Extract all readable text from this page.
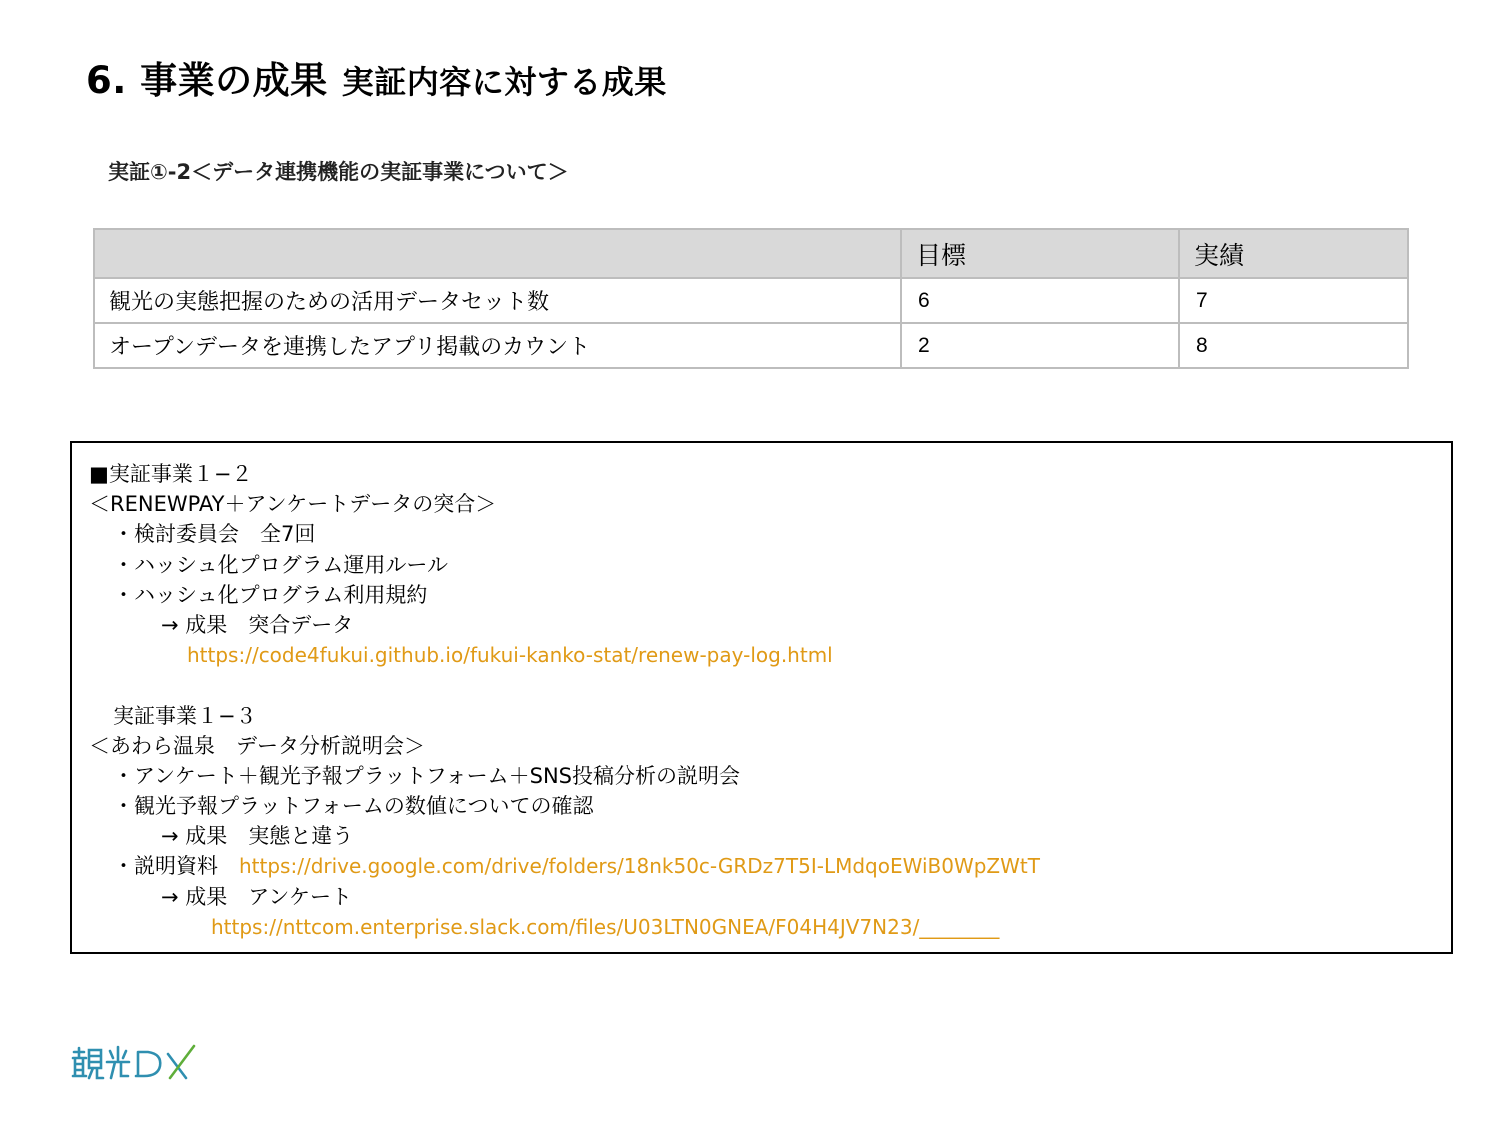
6. 事業の成果 実証内容に対する成果
実証①-2＜データ連携機能の実証事業について＞
	目標	実績
観光の実態把握のための活用データセット数	6	7
オープンデータを連携したアプリ掲載のカウント	2	8
■実証事業１−２
＜RENEWPAY＋アンケートデータの突合＞
・検討委員会　全7回
・ハッシュ化プログラム運用ルール
・ハッシュ化プログラム利用規約
→ 成果　突合データ
https://code4fukui.github.io/fukui-kanko-stat/renew-pay-log.html
実証事業１−３
＜あわら温泉　データ分析説明会＞
・アンケート＋観光予報プラットフォーム＋SNS投稿分析の説明会
・観光予報プラットフォームの数値についての確認
→ 成果　実態と違う
・説明資料　https://drive.google.com/drive/folders/18nk50c-GRDz7T5I-LMdqoEWiB0WpZWtT
→ 成果　アンケート
https://nttcom.enterprise.slack.com/files/U03LTN0GNEA/F04H4JV7N23/________
観光DX
